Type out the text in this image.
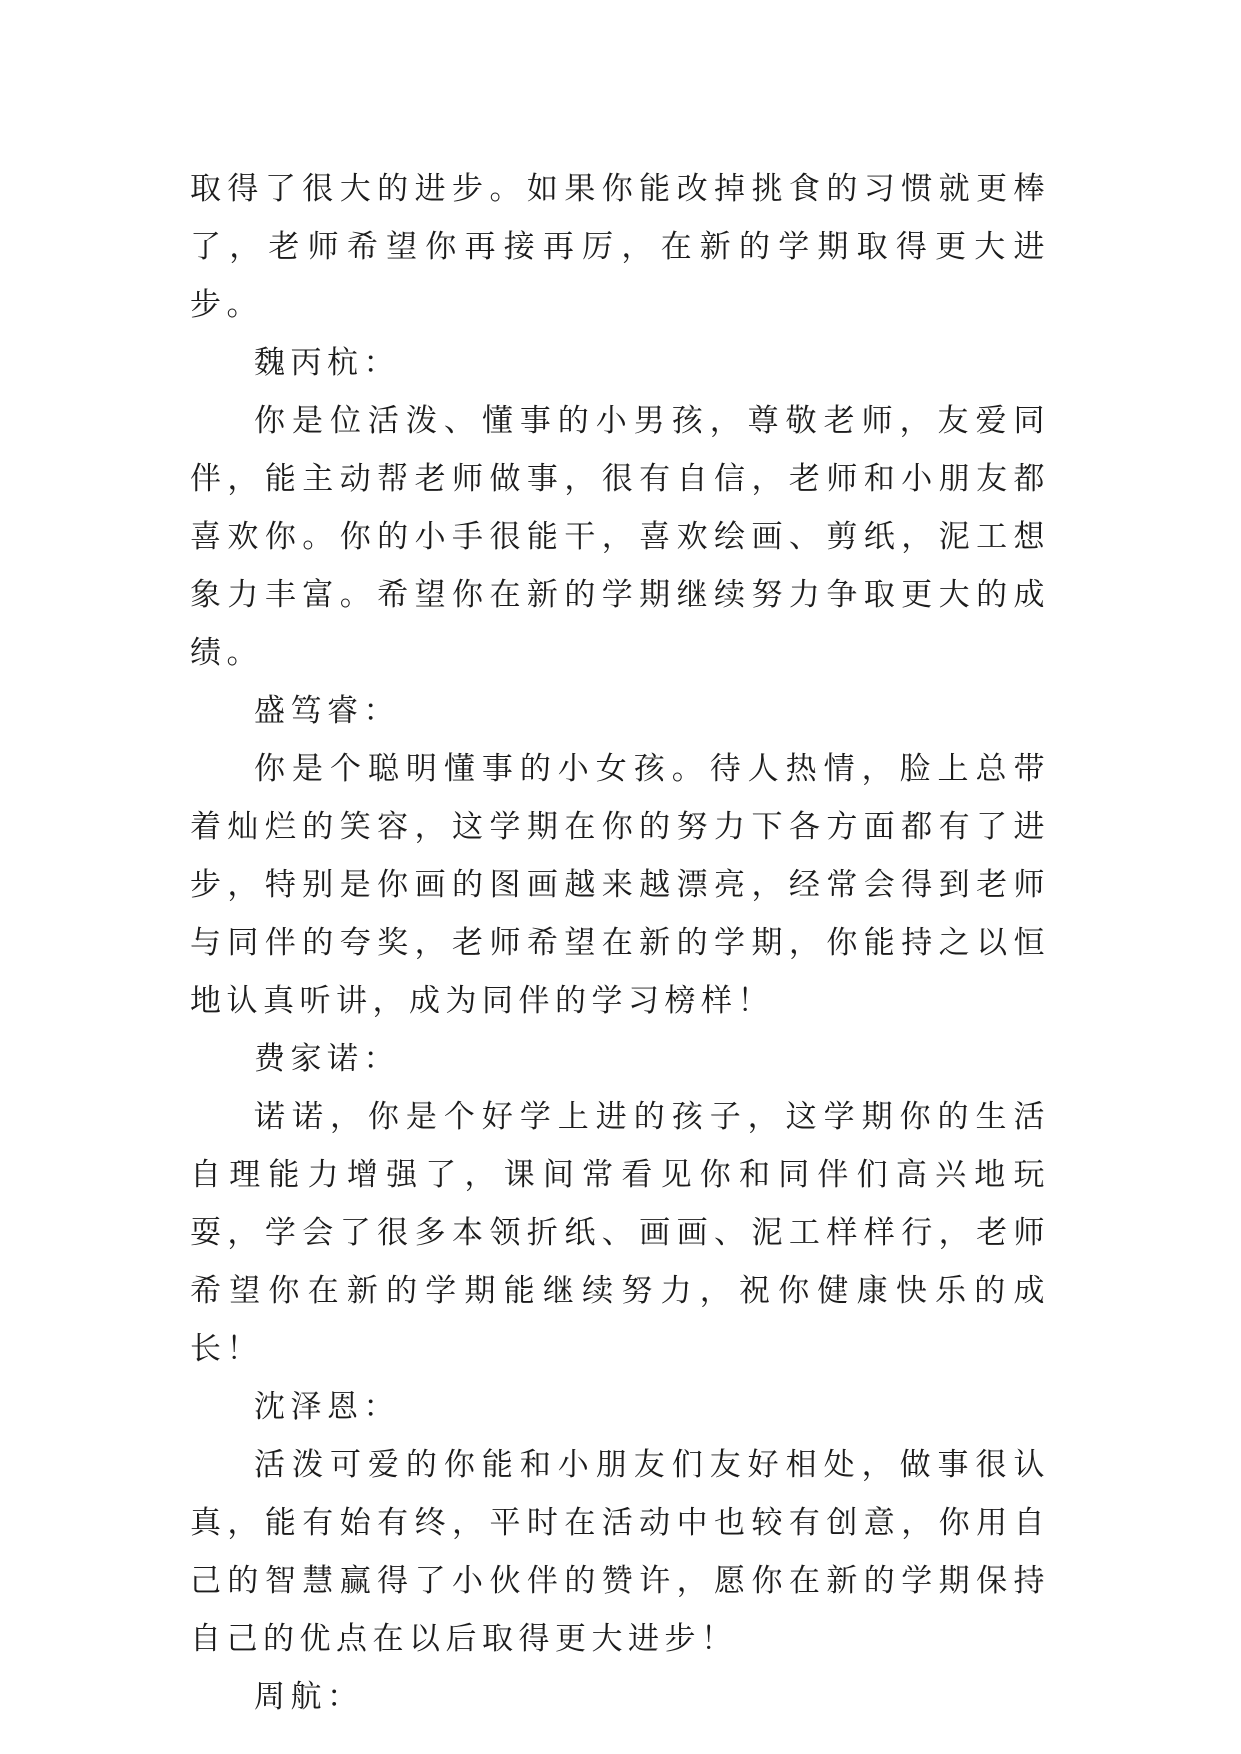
取得了很大的进步。如果你能改掉挑食的习惯就更棒了，老师希望你再接再厉，在新的学期取得更大进步。

魏丙杭：

你是位活泼、懂事的小男孩，尊敬老师，友爱同伴，能主动帮老师做事，很有自信，老师和小朋友都喜欢你。你的小手很能干，喜欢绘画、剪纸，泥工想象力丰富。希望你在新的学期继续努力争取更大的成绩。

盛笃睿：

你是个聪明懂事的小女孩。待人热情，脸上总带着灿烂的笑容，这学期在你的努力下各方面都有了进步，特别是你画的图画越来越漂亮，经常会得到老师与同伴的夸奖，老师希望在新的学期，你能持之以恒地认真听讲，成为同伴的学习榜样！

费家诺：

诺诺，你是个好学上进的孩子，这学期你的生活自理能力增强了，课间常看见你和同伴们高兴地玩耍，学会了很多本领折纸、画画、泥工样样行，老师希望你在新的学期能继续努力，祝你健康快乐的成长！

沈泽恩：

活泼可爱的你能和小朋友们友好相处，做事很认真，能有始有终，平时在活动中也较有创意，你用自己的智慧赢得了小伙伴的赞许，愿你在新的学期保持自己的优点在以后取得更大进步！

周航：
